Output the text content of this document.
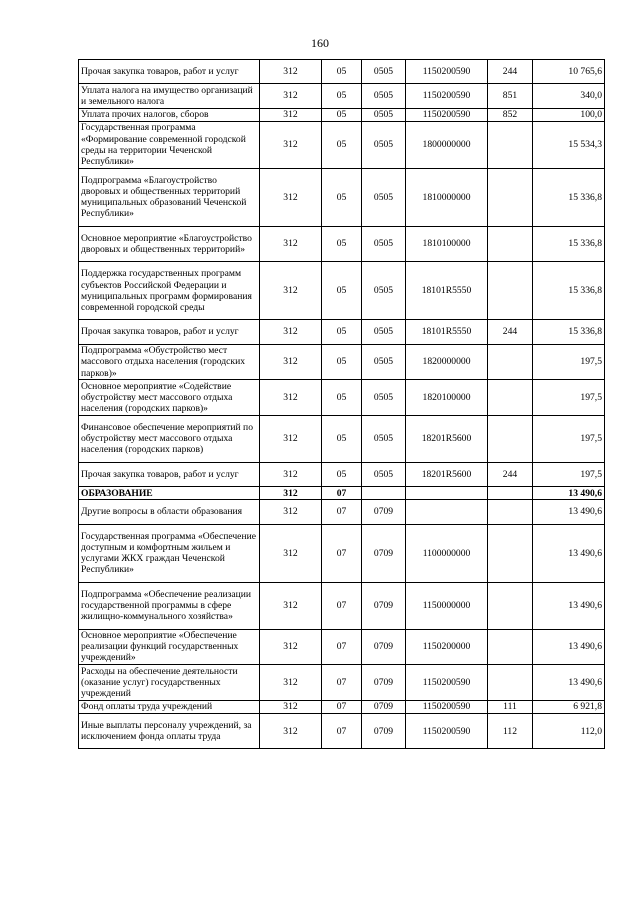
160
Прочая закупка товаров, работ и услуг	312	05	0505	1150200590	244	10 765,6
Уплата налога на имущество организаций и земельного налога	312	05	0505	1150200590	851	340,0
Уплата прочих налогов, сборов	312	05	0505	1150200590	852	100,0
Государственная программа «Формирование современной городской среды на территории Чеченской Республики»	312	05	0505	1800000000		15 534,3
Подпрограмма «Благоустройство дворовых и общественных территорий муниципальных образований Чеченской Республики»	312	05	0505	1810000000		15 336,8
Основное мероприятие «Благоустройство дворовых и общественных территорий»	312	05	0505	1810100000		15 336,8
Поддержка государственных программ субъектов Российской Федерации и муниципальных программ формирования современной городской среды	312	05	0505	18101R5550		15 336,8
Прочая закупка товаров, работ и услуг	312	05	0505	18101R5550	244	15 336,8
Подпрограмма «Обустройство мест массового отдыха населения (городских парков)»	312	05	0505	1820000000		197,5
Основное мероприятие «Содействие обустройству мест массового отдыха населения (городских парков)»	312	05	0505	1820100000		197,5
Финансовое обеспечение мероприятий по обустройству мест массового отдыха населения (городских парков)	312	05	0505	18201R5600		197,5
Прочая закупка товаров, работ и услуг	312	05	0505	18201R5600	244	197,5
ОБРАЗОВАНИЕ	312	07				13 490,6
Другие вопросы в области образования	312	07	0709			13 490,6
Государственная программа «Обеспечение доступным и комфортным жильем и услугами ЖКХ граждан Чеченской Республики»	312	07	0709	1100000000		13 490,6
Подпрограмма «Обеспечение реализации государственной программы в сфере жилищно-коммунального хозяйства»	312	07	0709	1150000000		13 490,6
Основное мероприятие «Обеспечение реализации функций государственных учреждений»	312	07	0709	1150200000		13 490,6
Расходы на обеспечение деятельности (оказание услуг) государственных учреждений	312	07	0709	1150200590		13 490,6
Фонд оплаты труда учреждений	312	07	0709	1150200590	111	6 921,8
Иные выплаты персоналу учреждений, за исключением фонда оплаты труда	312	07	0709	1150200590	112	112,0
